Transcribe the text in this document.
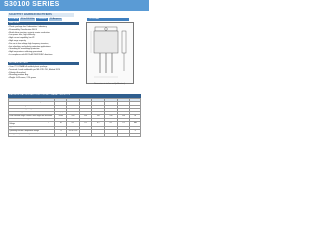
S30100 SERIES
SCHOTTKY BARRIER RECTIFIERS
VOLTAGE	80 to 100 Volts	CURRENT	30 Amperes	ITO-220AB
FEATURES
• Plastic package has Underwriters Laboratory
• Flammability Classification 94V-0
• Metal silicon junction, majority carrier conduction
• Low power loss, high efficiency
• High current capability, low VF
• High surge capacity
• For use in low voltage high frequency inverters,
• free wheeling, and polarity protection applications
• Guardring for overvoltage protection
• High temperature soldering guaranteed
• In compliance with EU RoHS 2002/95/EC directives
MECHANICAL DATA
• Case: ITO-220AB full molded plastic package
• Terminals: Leads solderable per MIL-STD-750, Method 2026
• Polarity: As marked
• Mounting position: Any
• Weight: 0.08 ounce, 2.24 grams
Dimensions in inches and (millimeters)
MAXIMUM RATINGS AND ELECTRICAL CHARACTERISTICS
PARAMETER	SYMBOL	S3080	S3090	S30100	S30150	S30200	UNITS
Maximum Recurrent Peak Reverse Voltage	VRRM	80	90	100	150	200	V
Maximum RMS Voltage	VRMS	56	63	70	105	140	V
Maximum DC Blocking Voltage	VDC	80	90	100	150	200	V
Maximum Average Forward Rectified Current	IF(AV)	30	30	30	30	30	A
Peak Forward Surge Current 8.3ms single half sine-wave	IFSM	250	250	250	250	250	A
Maximum Forward Voltage at 15.0A	VF	0.85	0.85	0.85	0.95	0.95	V
Maximum DC Reverse Current at Rated DC Blocking Voltage	IR	0.1	0.1	0.1	0.1	0.1	mA
Typical Thermal Resistance	RθJC	2.0	2.0	2.0	2.0	2.0	°C/W
Operating Junction Temperature Range	TJ	-55 to +150					°C
Storage Temperature Range	TSTG	-55 to +150					°C
